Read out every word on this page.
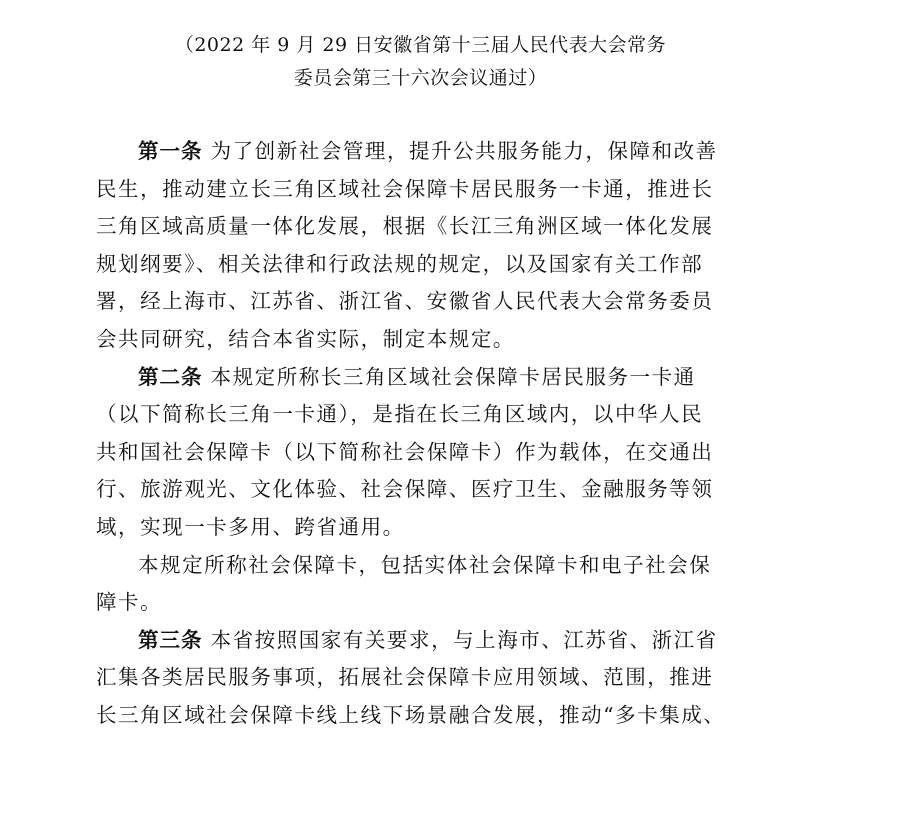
（2022 年 9 月 29 日安徽省第十三届人民代表大会常务
委员会第三十六次会议通过）
第一条 为了创新社会管理，提升公共服务能力，保障和改善
民生，推动建立长三角区域社会保障卡居民服务一卡通，推进长
三角区域高质量一体化发展，根据《长江三角洲区域一体化发展
规划纲要》、相关法律和行政法规的规定，以及国家有关工作部
署，经上海市、江苏省、浙江省、安徽省人民代表大会常务委员
会共同研究，结合本省实际，制定本规定。
第二条 本规定所称长三角区域社会保障卡居民服务一卡通
（以下简称长三角一卡通），是指在长三角区域内，以中华人民
共和国社会保障卡（以下简称社会保障卡）作为载体，在交通出
行、旅游观光、文化体验、社会保障、医疗卫生、金融服务等领
域，实现一卡多用、跨省通用。
本规定所称社会保障卡，包括实体社会保障卡和电子社会保
障卡。
第三条 本省按照国家有关要求，与上海市、江苏省、浙江省
汇集各类居民服务事项，拓展社会保障卡应用领域、范围，推进
长三角区域社会保障卡线上线下场景融合发展，推动“多卡集成、
